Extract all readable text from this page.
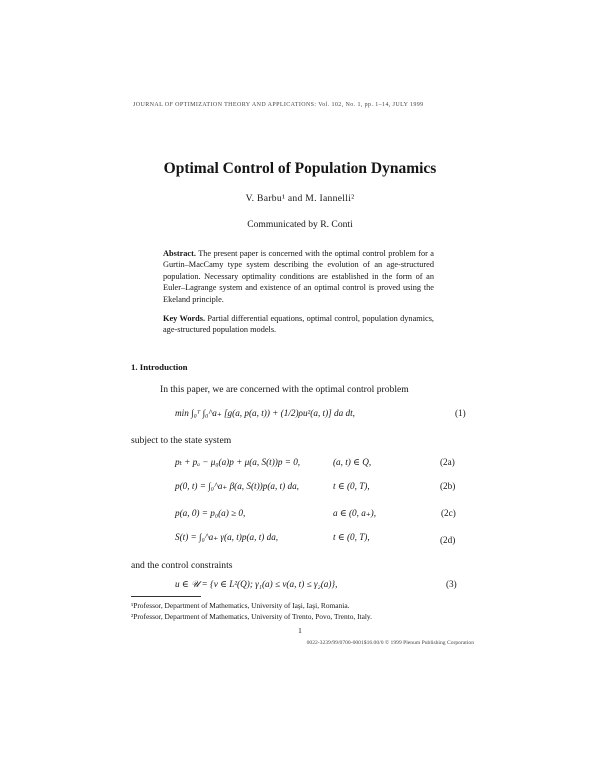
JOURNAL OF OPTIMIZATION THEORY AND APPLICATIONS: Vol. 102, No. 1, pp. 1–14, JULY 1999
Optimal Control of Population Dynamics
V. Barbu¹ and M. Iannelli²
Communicated by R. Conti
Abstract. The present paper is concerned with the optimal control problem for a Gurtin–MacCamy type system describing the evolution of an age-structured population. Necessary optimality conditions are established in the form of an Euler–Lagrange system and existence of an optimal control is proved using the Ekeland principle.
Key Words. Partial differential equations, optimal control, population dynamics, age-structured population models.
1. Introduction
In this paper, we are concerned with the optimal control problem
min ∫₀ᵀ ∫₀^a₊ [g(a, p(a, t)) + (1/2)ρu²(a, t)] da dt,	(1)
subject to the state system
pₜ + pₐ − μ₀(a)p + μ(a, S(t))p = 0,	(a, t) ∈ Q,	(2a)
p(0, t) = ∫₀^a₊ β(a, S(t))p(a, t) da,	t ∈ (0, T),	(2b)
p(a, 0) = p₀(a) ≥ 0,	a ∈ (0, a₊),	(2c)
S(t) = ∫₀^a₊ γ(a, t)p(a, t) da,	t ∈ (0, T),	(2d)
and the control constraints
u ∈ 𝒰 = {v ∈ L²(Q); γ₁(a) ≤ v(a, t) ≤ γ₂(a)},	(3)
¹Professor, Department of Mathematics, University of Iaşi, Iaşi, Romania.
²Professor, Department of Mathematics, University of Trento, Povo, Trento, Italy.
1
0022-3239/99/0700-0001$16.00/0 © 1999 Plenum Publishing Corporation
